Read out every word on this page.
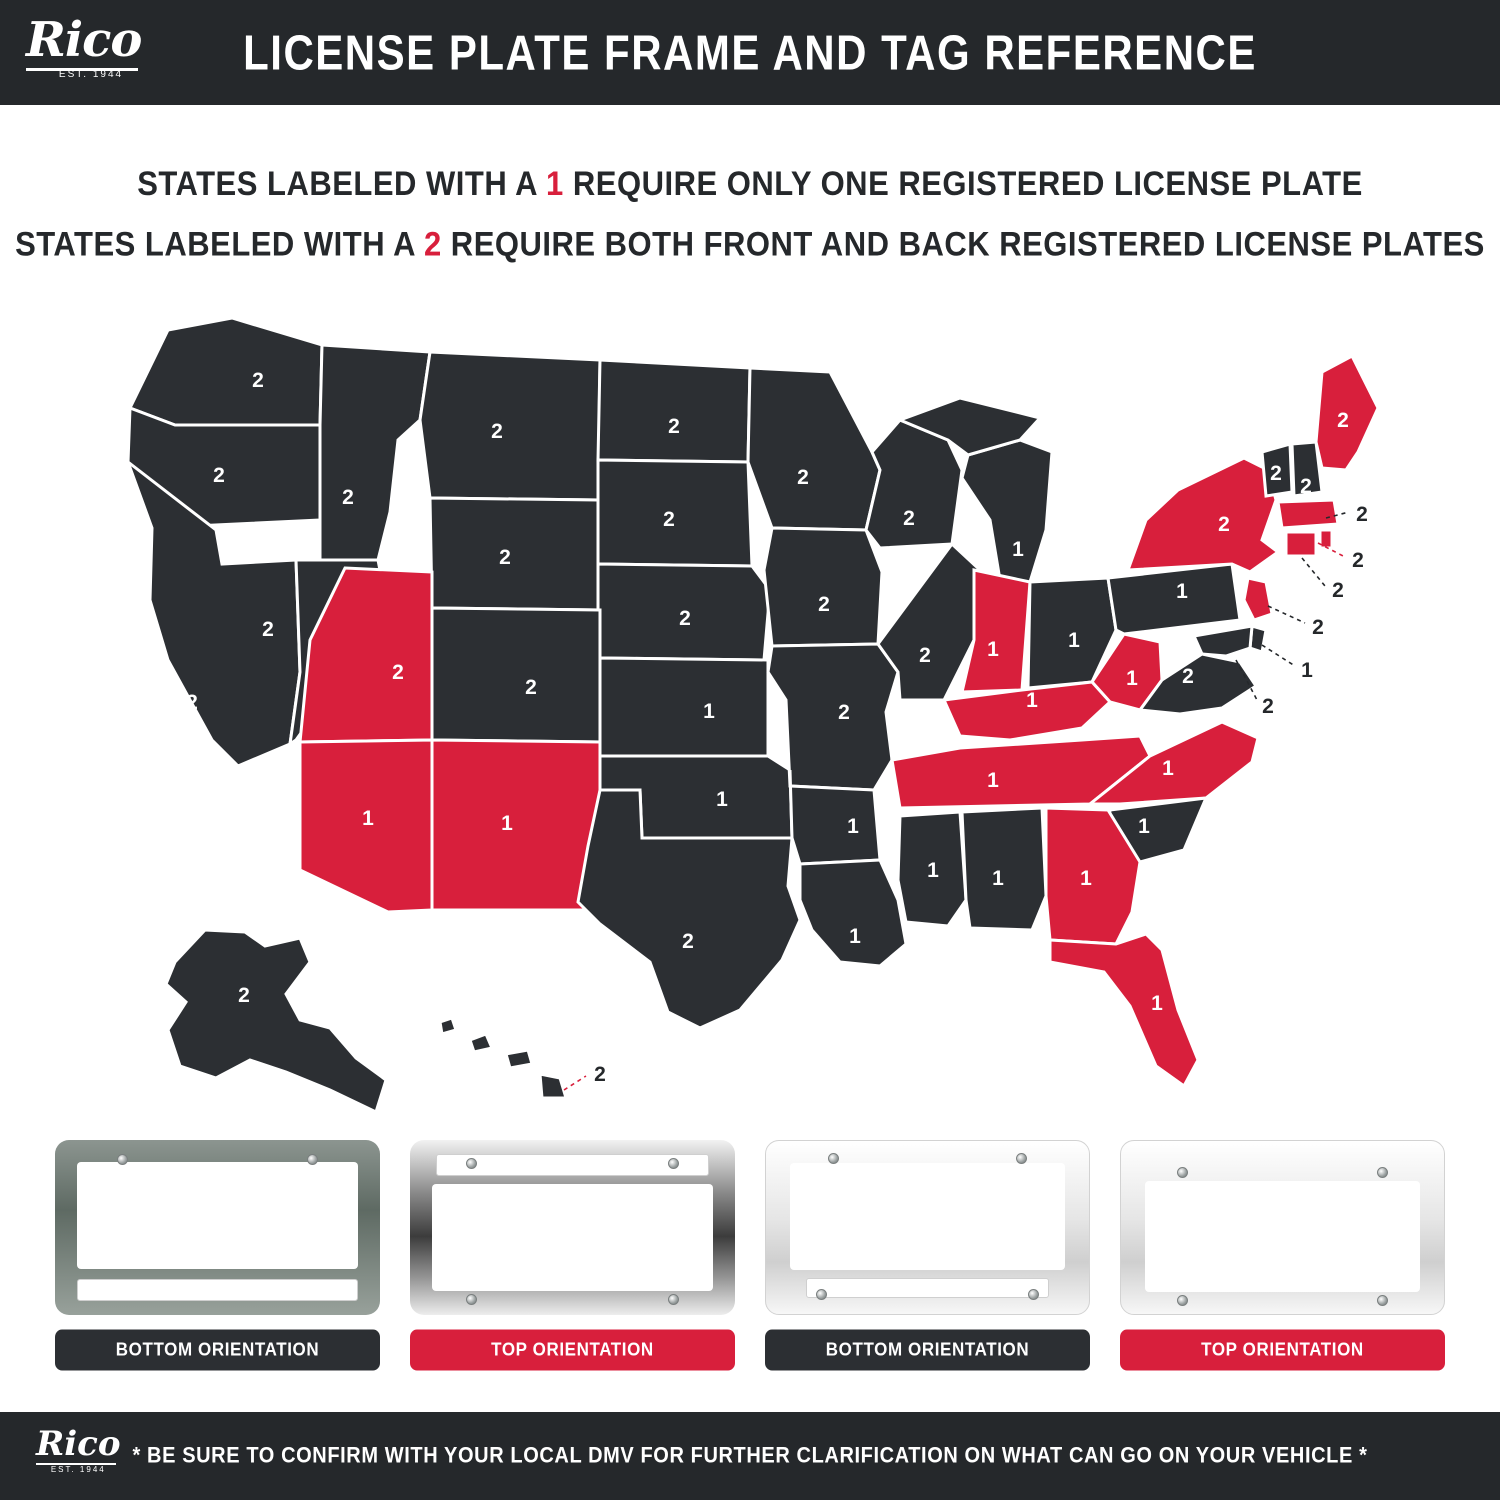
Rico
EST. 1944	LICENSE PLATE FRAME AND TAG REFERENCE
STATES LABELED WITH A 1 REQUIRE ONLY ONE REGISTERED LICENSE PLATE
STATES LABELED WITH A 2 REQUIRE BOTH FRONT AND BACK REGISTERED LICENSE PLATES
2
2
2
2
2
2
2
2
2
2
2
1
2
2
2
2	1	2
2	1	1
1
2
2
2
2
1 2
1
1
1
1
1	1
1
1
1	1	1
1
2
1
2
2
2
2
2
1
2
2
BOTTOM ORIENTATION	TOP ORIENTATION	BOTTOM ORIENTATION	TOP ORIENTATION
Rico
EST. 1944
* BE SURE TO CONFIRM WITH YOUR LOCAL DMV FOR FURTHER CLARIFICATION ON WHAT CAN GO ON YOUR VEHICLE *
